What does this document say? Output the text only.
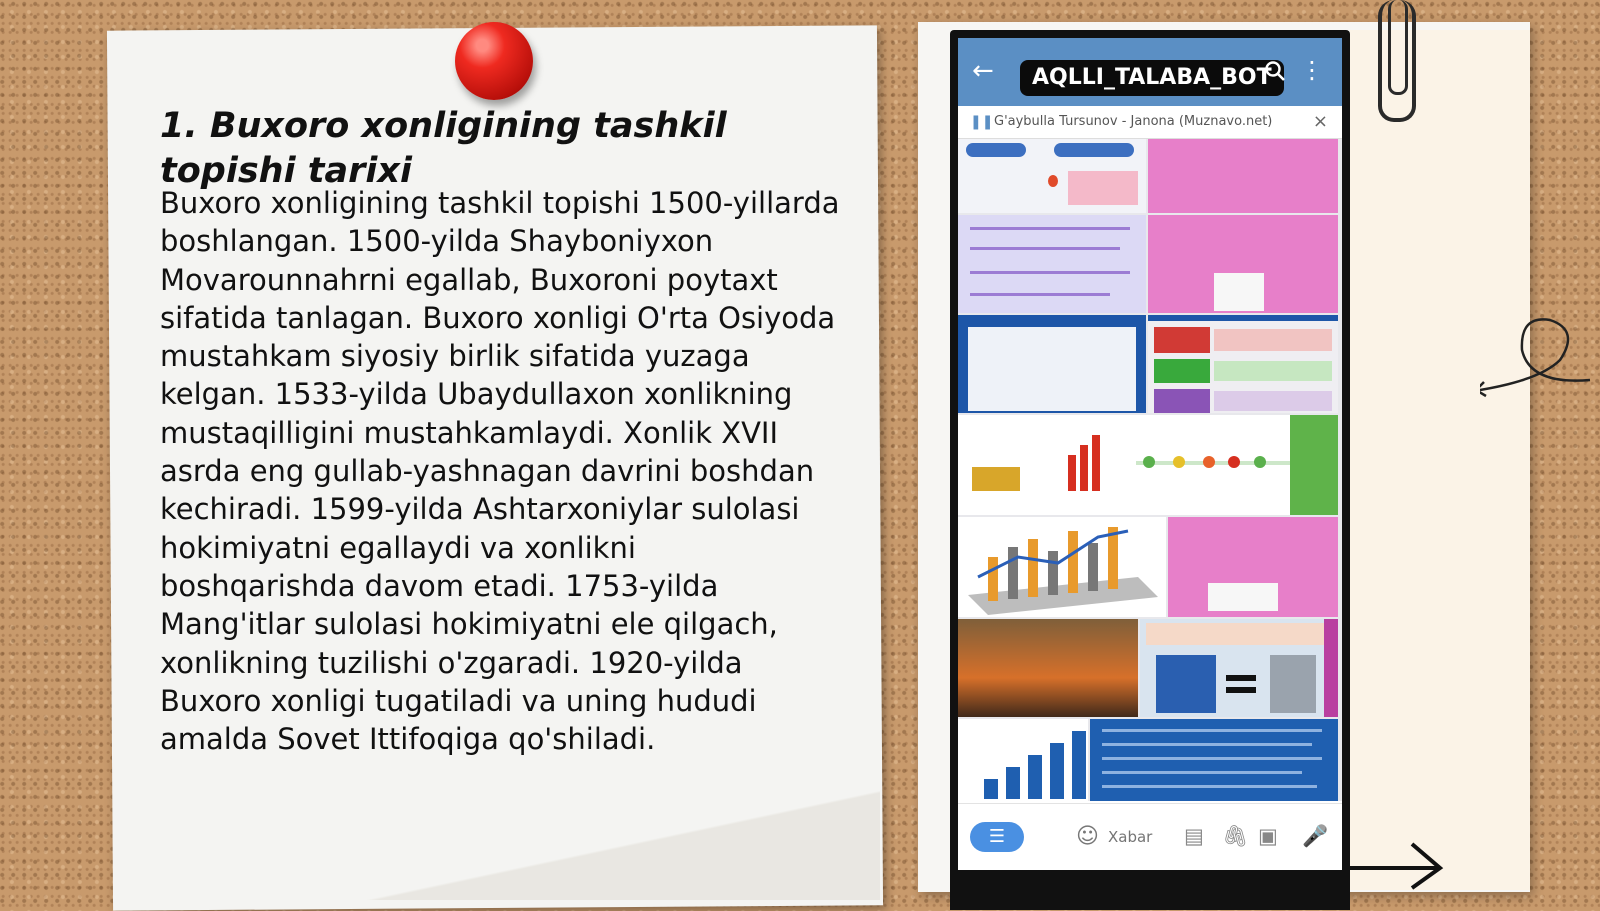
1. Buxoro xonligining tashkil topishi tarixi

Buxoro xonligining tashkil topishi 1500-yillarda boshlangan. 1500-yilda Shayboniyxon Movarounnahrni egallab, Buxoroni poytaxt sifatida tanlagan. Buxoro xonligi O'rta Osiyoda mustahkam siyosiy birlik sifatida yuzaga kelgan. 1533-yilda Ubaydullaxon xonlikning mustaqilligini mustahkamlaydi. Xonlik XVII asrda eng gullab-yashnagan davrini boshdan kechiradi. 1599-yilda Ashtarxoniylar sulolasi hokimiyatni egallaydi va xonlikni boshqarishda davom etadi. 1753-yilda Mang'itlar sulolasi hokimiyatni ele qilgach, xonlikning tuzilishi o'zgaradi. 1920-yilda Buxoro xonligi tugatiladi va uning hududi amalda Sovet Ittifoqiga qo'shiladi.

←	AQLLI_TALABA_BOT	⋮
❚❚ G'aybulla Tursunov - Janona (Muznavo.net) ×
☰	☺
Xabar	▤ 🖇 ▣ 🎤
